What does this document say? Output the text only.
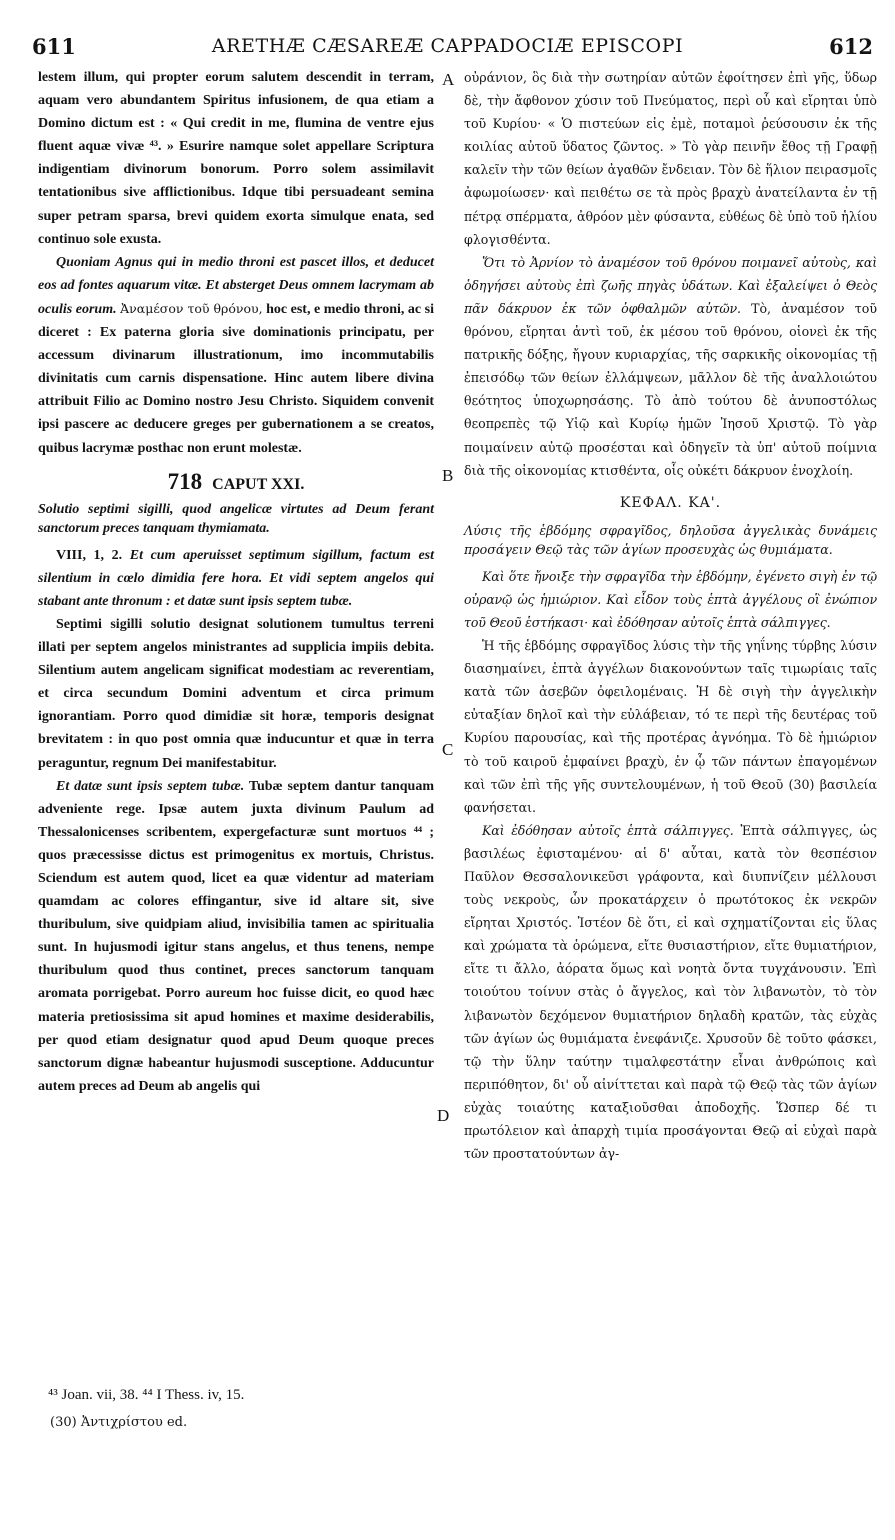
611	ARETHÆ CÆSAREÆ CAPPADOCIÆ EPISCOPI	612
A
B
C
D

lestem illum, qui propter eorum salutem descendit in terram, aquam vero abundantem Spiritus infusionem, de qua etiam a Domino dictum est : « Qui credit in me, flumina de ventre ejus fluent aquæ vivæ ⁴³. » Esurire namque solet appellare Scriptura indigentiam divinorum bonorum. Porro solem assimilavit tentationibus sive afflictionibus. Idque tibi persuadeant semina super petram sparsa, brevi quidem exorta simulque enata, sed continuo sole exusta.

Quoniam Agnus qui in medio throni est pascet illos, et deducet eos ad fontes aquarum vitæ. Et absterget Deus omnem lacrymam ab oculis eorum. Ἀναμέσον τοῦ θρόνου, hoc est, e medio throni, ac si diceret : Ex paterna gloria sive dominationis principatu, per accessum divinarum illustrationum, imo incommutabilis divinitatis cum carnis dispensatione. Hinc autem libere divina attribuit Filio ac Domino nostro Jesu Christo. Siquidem convenit ipsi pascere ac deducere greges per gubernationem a se creatos, quibus lacrymæ posthac non erunt molestæ.

718 CAPUT XXI.

Solutio septimi sigilli, quod angelicæ virtutes ad Deum ferant sanctorum preces tanquam thymiamata.

VIII, 1, 2. Et cum aperuisset septimum sigillum, factum est silentium in cœlo dimidia fere hora. Et vidi septem angelos qui stabant ante thronum : et datæ sunt ipsis septem tubæ.

Septimi sigilli solutio designat solutionem tumultus terreni illati per septem angelos ministrantes ad supplicia impiis debita. Silentium autem angelicam significat modestiam ac reverentiam, et circa secundum Domini adventum et circa primum ignorantiam. Porro quod dimidiæ sit horæ, temporis designat brevitatem : in quo post omnia quæ inducuntur et quæ in terra peraguntur, regnum Dei manifestabitur.

Et datæ sunt ipsis septem tubæ. Tubæ septem dantur tanquam adveniente rege. Ipsæ autem juxta divinum Paulum ad Thessalonicenses scribentem, expergefacturæ sunt mortuos ⁴⁴ ; quos præcessisse dictus est primogenitus ex mortuis, Christus. Sciendum est autem quod, licet ea quæ videntur ad materiam quamdam ac colores effingantur, sive id altare sit, sive thuribulum, sive quidpiam aliud, invisibilia tamen ac spiritualia sunt. In hujusmodi igitur stans angelus, et thus tenens, nempe thuribulum quod thus continet, preces sanctorum tanquam aromata porrigebat. Porro aureum hoc fuisse dicit, eo quod hæc materia pretiosissima sit apud homines et maxime desiderabilis, per quod etiam designatur quod apud Deum quoque preces sanctorum dignæ habeantur hujusmodi susceptione. Adducuntur autem preces ad Deum ab angelis qui

οὐράνιον, ὃς διὰ τὴν σωτηρίαν αὐτῶν ἐφοίτησεν ἐπὶ γῆς, ὕδωρ δὲ, τὴν ἄφθονον χύσιν τοῦ Πνεύματος, περὶ οὗ καὶ εἴρηται ὑπὸ τοῦ Κυρίου· « Ὁ πιστεύων εἰς ἐμὲ, ποταμοὶ ῥεύσουσιν ἐκ τῆς κοιλίας αὐτοῦ ὕδατος ζῶντος. » Τὸ γὰρ πεινῆν ἔθος τῇ Γραφῇ καλεῖν τὴν τῶν θείων ἀγαθῶν ἔνδειαν. Τὸν δὲ ἥλιον πειρασμοῖς ἀφωμοίωσεν· καὶ πειθέτω σε τὰ πρὸς βραχὺ ἀνατείλαντα ἐν τῇ πέτρᾳ σπέρματα, ἀθρόον μὲν φύσαντα, εὐθέως δὲ ὑπὸ τοῦ ἡλίου φλογισθέντα.

Ὅτι τὸ Ἀρνίον τὸ ἀναμέσον τοῦ θρόνου ποιμανεῖ αὐτοὺς, καὶ ὁδηγήσει αὐτοὺς ἐπὶ ζωῆς πηγὰς ὑδάτων. Καὶ ἐξαλείψει ὁ Θεὸς πᾶν δάκρυον ἐκ τῶν ὀφθαλμῶν αὐτῶν. Τὸ, ἀναμέσον τοῦ θρόνου, εἴρηται ἀντὶ τοῦ, ἐκ μέσου τοῦ θρόνου, οἱονεὶ ἐκ τῆς πατρικῆς δόξης, ἤγουν κυριαρχίας, τῆς σαρκικῆς οἰκονομίας τῇ ἐπεισόδῳ τῶν θείων ἐλλάμψεων, μᾶλλον δὲ τῆς ἀναλλοιώτου θεότητος ὑποχωρησάσης. Τὸ ἀπὸ τούτου δὲ ἀνυποστόλως θεοπρεπὲς τῷ Υἱῷ καὶ Κυρίῳ ἡμῶν Ἰησοῦ Χριστῷ. Τὸ γὰρ ποιμαίνειν αὐτῷ προσέσται καὶ ὁδηγεῖν τὰ ὑπ' αὐτοῦ ποίμνια διὰ τῆς οἰκονομίας κτισθέντα, οἷς οὐκέτι δάκρυον ἐνοχλοίη.

ΚΕΦΑΛ. ΚΑ'.

Λύσις τῆς ἑβδόμης σφραγῖδος, δηλοῦσα ἀγγελικὰς δυνάμεις προσάγειν Θεῷ τὰς τῶν ἁγίων προσευχὰς ὡς θυμιάματα.

Καὶ ὅτε ἤνοιξε τὴν σφραγῖδα τὴν ἑβδόμην, ἐγένετο σιγὴ ἐν τῷ οὐρανῷ ὡς ἡμιώριον. Καὶ εἶδον τοὺς ἑπτὰ ἀγγέλους οἳ ἐνώπιον τοῦ Θεοῦ ἑστήκασι· καὶ ἐδόθησαν αὐτοῖς ἑπτὰ σάλπιγγες.

Ἡ τῆς ἑβδόμης σφραγῖδος λύσις τὴν τῆς γηΐνης τύρβης λύσιν διασημαίνει, ἑπτὰ ἀγγέλων διακονούντων ταῖς τιμωρίαις ταῖς κατὰ τῶν ἀσεβῶν ὀφειλομέναις. Ἡ δὲ σιγὴ τὴν ἀγγελικὴν εὐταξίαν δηλοῖ καὶ τὴν εὐλάβειαν, τό τε περὶ τῆς δευτέρας τοῦ Κυρίου παρουσίας, καὶ τῆς προτέρας ἀγνόημα. Τὸ δὲ ἡμιώριον τὸ τοῦ καιροῦ ἐμφαίνει βραχὺ, ἐν ᾧ τῶν πάντων ἐπαγομένων καὶ τῶν ἐπὶ τῆς γῆς συντελουμένων, ἡ τοῦ Θεοῦ (30) βασιλεία φανήσεται.

Καὶ ἐδόθησαν αὐτοῖς ἑπτὰ σάλπιγγες. Ἑπτὰ σάλπιγγες, ὡς βασιλέως ἐφισταμένου· αἱ δ' αὗται, κατὰ τὸν θεσπέσιον Παῦλον Θεσσαλονικεῦσι γράφοντα, καὶ διυπνίζειν μέλλουσι τοὺς νεκροὺς, ὧν προκατάρχειν ὁ πρωτότοκος ἐκ νεκρῶν εἴρηται Χριστός. Ἰστέον δὲ ὅτι, εἰ καὶ σχηματίζονται εἰς ὕλας καὶ χρώματα τὰ ὁρώμενα, εἴτε θυσιαστήριον, εἴτε θυμιατήριον, εἴτε τι ἄλλο, ἀόρατα ὅμως καὶ νοητὰ ὄντα τυγχάνουσιν. Ἐπὶ τοιούτου τοίνυν στὰς ὁ ἄγγελος, καὶ τὸν λιβανωτὸν, τὸ τὸν λιβανωτὸν δεχόμενον θυμιατήριον δηλαδὴ κρατῶν, τὰς εὐχὰς τῶν ἁγίων ὡς θυμιάματα ἐνεφάνιζε. Χρυσοῦν δὲ τοῦτο φάσκει, τῷ τὴν ὕλην ταύτην τιμαλφεστάτην εἶναι ἀνθρώποις καὶ περιπόθητον, δι' οὗ αἰνίττεται καὶ παρὰ τῷ Θεῷ τὰς τῶν ἁγίων εὐχὰς τοιαύτης καταξιοῦσθαι ἀποδοχῆς. Ὥσπερ δέ τι πρωτόλειον καὶ ἀπαρχὴ τιμία προσάγονται Θεῷ αἱ εὐχαὶ παρὰ τῶν προστατούντων ἀγ-

⁴³ Joan. vii, 38. ⁴⁴ I Thess. iv, 15.
(30) Ἀντιχρίστου ed.
